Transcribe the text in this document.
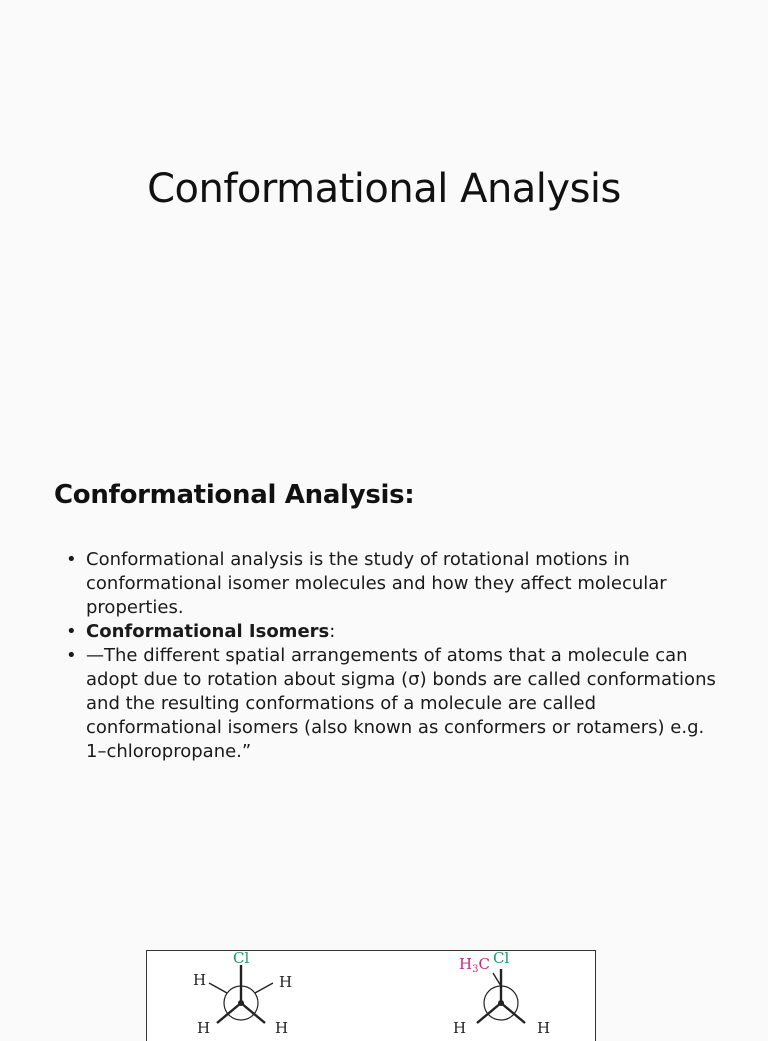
Conformational Analysis
Conformational Analysis:
• Conformational analysis is the study of rotational motions in conformational isomer molecules and how they affect molecular properties.
• Conformational Isomers:
• —The different spatial arrangements of atoms that a molecule can adopt due to rotation about sigma (σ) bonds are called conformations and the resulting conformations of a molecule are called conformational isomers (also known as conformers or rotamers) e.g. 1–chloropropane.”
Cl
H	H
H	H
$H_3C$ Cl
H	H
